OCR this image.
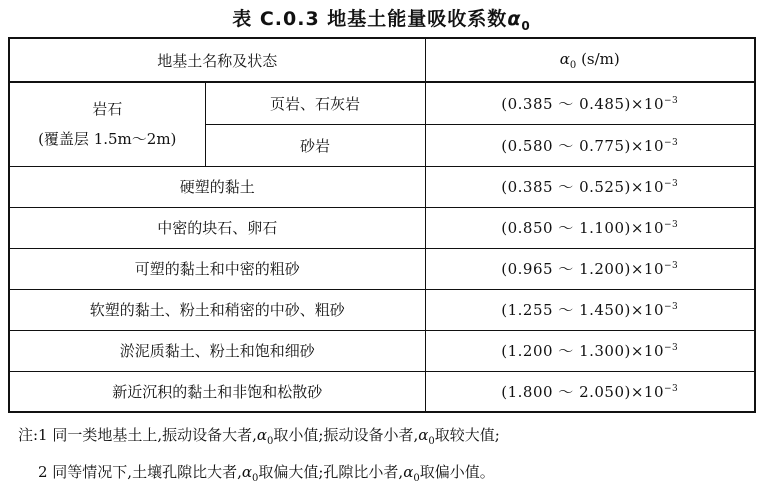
表 C.0.3 地基土能量吸收系数$\alpha_0$
地基土名称及状态		$\alpha_0$ (s/m)

岩石
(覆盖层 1.5m～2m)	页岩、石灰岩	(0.385 ～ $0.485)\times 10^{-3}$
	砂岩	(0.580 ～ $0.775)\times 10^{-3}$
硬塑的黏土		(0.385 ～ $0.525)\times 10^{-3}$
中密的块石、卵石		(0.850 ～ $1.100)\times 10^{-3}$
可塑的黏土和中密的粗砂		(0.965 ～ $1.200)\times 10^{-3}$
软塑的黏土、粉土和稍密的中砂、粗砂		(1.255 ～ $1.450)\times 10^{-3}$
淤泥质黏土、粉土和饱和细砂		(1.200 ～ $1.300)\times 10^{-3}$
新近沉积的黏土和非饱和松散砂		(1.800 ～ $2.050)\times 10^{-3}$
注:1 同一类地基土上,振动设备大者$,\alpha_0$取小值;振动设备小者$,\alpha_0$取较大值;
2 同等情况下,土壤孔隙比大者$,\alpha_0$取偏大值;孔隙比小者$,\alpha_0$取偏小值。
